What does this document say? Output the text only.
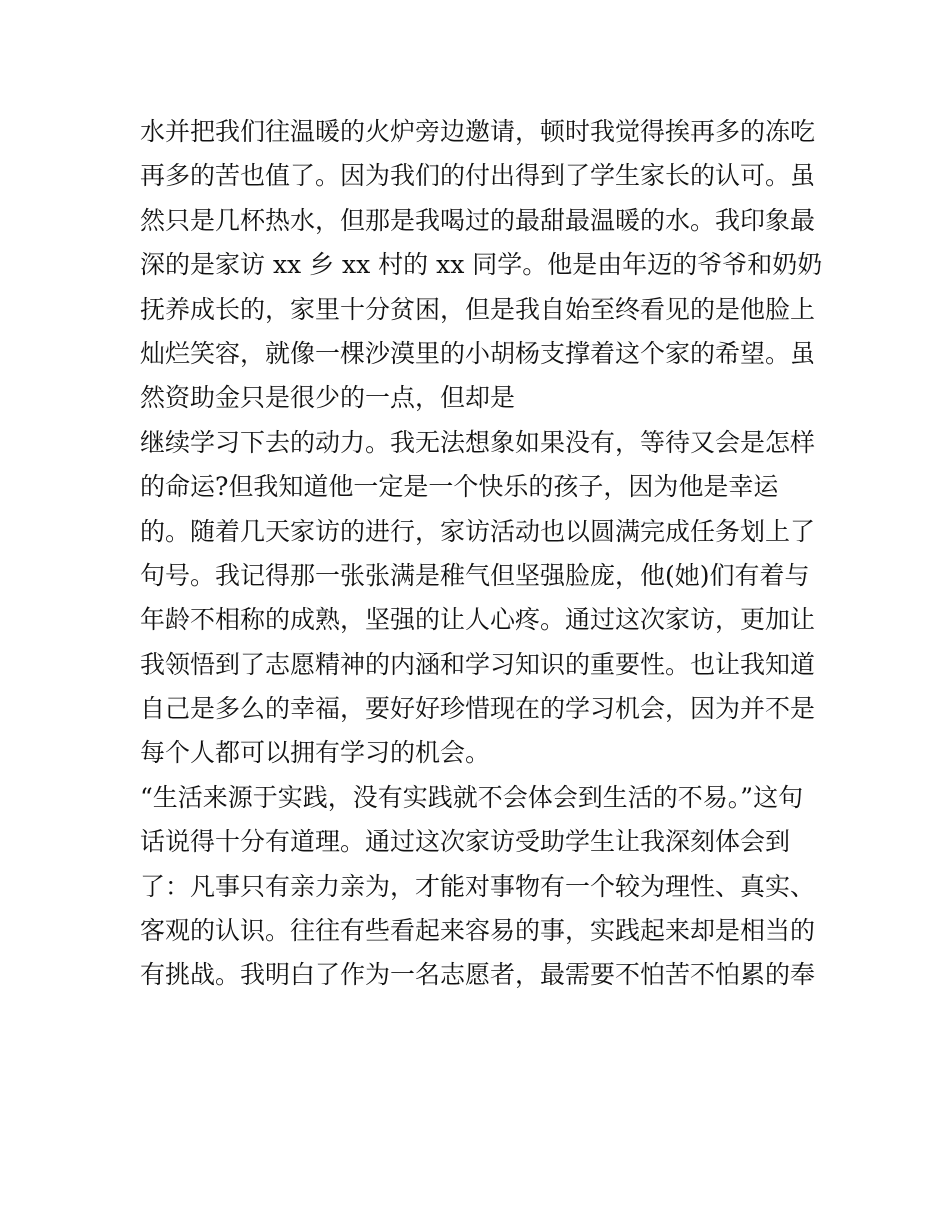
水并把我们往温暖的火炉旁边邀请，顿时我觉得挨再多的冻吃
再多的苦也值了。因为我们的付出得到了学生家长的认可。虽
然只是几杯热水，但那是我喝过的最甜最温暖的水。我印象最
深的是家访 xx 乡 xx 村的 xx 同学。他是由年迈的爷爷和奶奶
抚养成长的，家里十分贫困，但是我自始至终看见的是他脸上
灿烂笑容，就像一棵沙漠里的小胡杨支撑着这个家的希望。虽
然资助金只是很少的一点，但却是
继续学习下去的动力。我无法想象如果没有，等待又会是怎样
的命运?但我知道他一定是一个快乐的孩子，因为他是幸运
的。随着几天家访的进行，家访活动也以圆满完成任务划上了
句号。我记得那一张张满是稚气但坚强脸庞，他(她)们有着与
年龄不相称的成熟，坚强的让人心疼。通过这次家访，更加让
我领悟到了志愿精神的内涵和学习知识的重要性。也让我知道
自己是多么的幸福，要好好珍惜现在的学习机会，因为并不是
每个人都可以拥有学习的机会。
“生活来源于实践，没有实践就不会体会到生活的不易。”这句
话说得十分有道理。通过这次家访受助学生让我深刻体会到
了：凡事只有亲力亲为，才能对事物有一个较为理性、真实、
客观的认识。往往有些看起来容易的事，实践起来却是相当的
有挑战。我明白了作为一名志愿者，最需要不怕苦不怕累的奉
